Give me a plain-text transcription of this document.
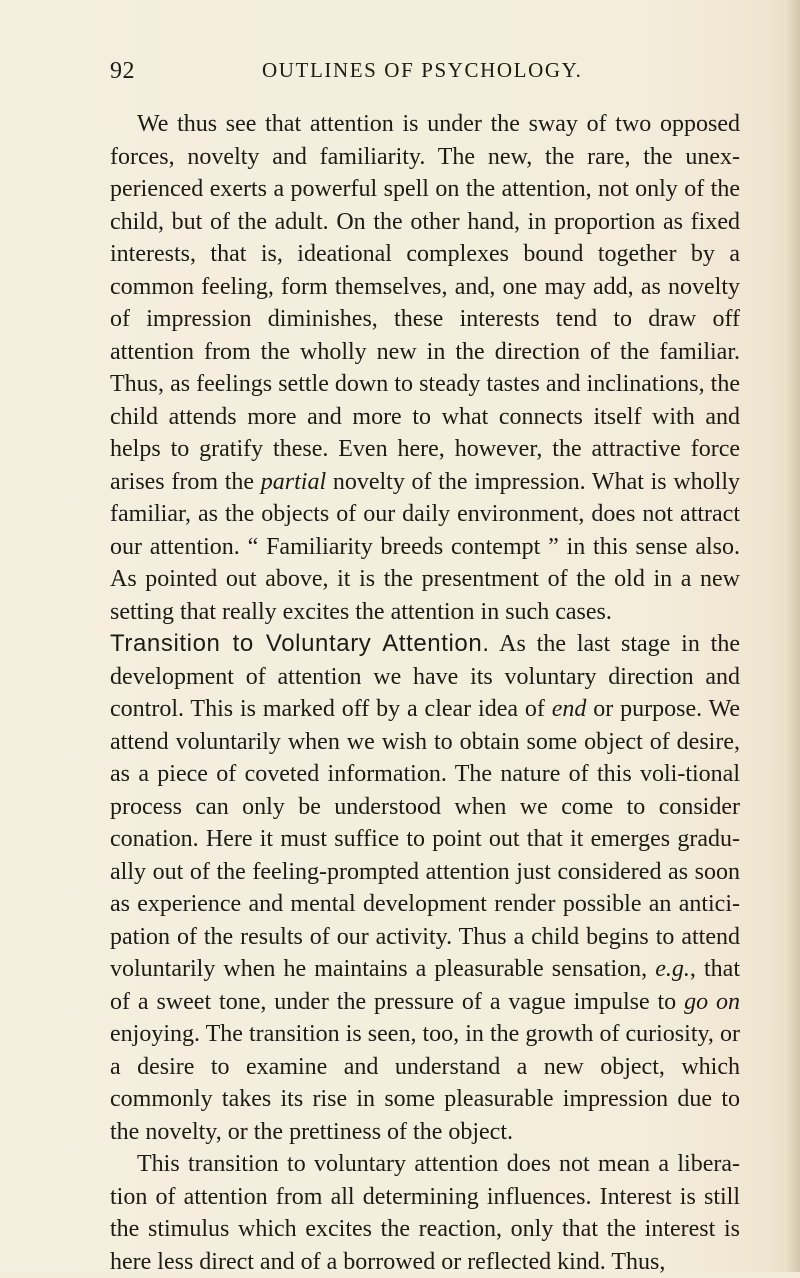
92	OUTLINES OF PSYCHOLOGY.

We thus see that attention is under the sway of two opposed forces, novelty and familiarity. The new, the rare, the unex-perienced exerts a powerful spell on the attention, not only of the child, but of the adult. On the other hand, in proportion as fixed interests, that is, ideational complexes bound together by a common feeling, form themselves, and, one may add, as novelty of impression diminishes, these interests tend to draw off attention from the wholly new in the direction of the familiar. Thus, as feelings settle down to steady tastes and inclinations, the child attends more and more to what connects itself with and helps to gratify these. Even here, however, the attractive force arises from the partial novelty of the impression. What is wholly familiar, as the objects of our daily environment, does not attract our attention. “ Familiarity breeds contempt ” in this sense also. As pointed out above, it is the presentment of the old in a new setting that really excites the attention in such cases.

Transition to Voluntary Attention. As the last stage in the development of attention we have its voluntary direction and control. This is marked off by a clear idea of end or purpose. We attend voluntarily when we wish to obtain some object of desire, as a piece of coveted information. The nature of this voli-tional process can only be understood when we come to consider conation. Here it must suffice to point out that it emerges gradu-ally out of the feeling-prompted attention just considered as soon as experience and mental development render possible an antici-pation of the results of our activity. Thus a child begins to attend voluntarily when he maintains a pleasurable sensation, e.g., that of a sweet tone, under the pressure of a vague impulse to go on enjoying. The transition is seen, too, in the growth of curiosity, or a desire to examine and understand a new object, which commonly takes its rise in some pleasurable impression due to the novelty, or the prettiness of the object.

This transition to voluntary attention does not mean a libera-tion of attention from all determining influences. Interest is still the stimulus which excites the reaction, only that the interest is here less direct and of a borrowed or reflected kind. Thus,
